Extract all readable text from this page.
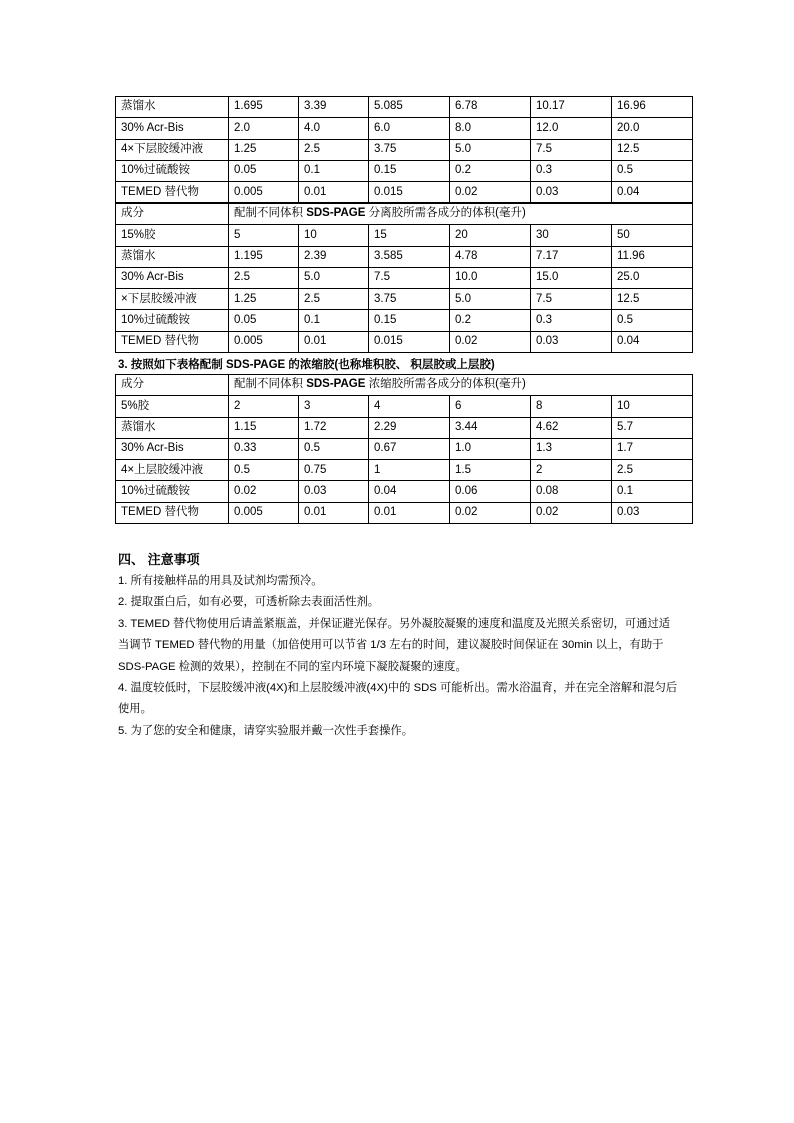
蒸馏水	1.695	3.39	5.085	6.78	10.17	16.96
30% Acr-Bis	2.0	4.0	6.0	8.0	12.0	20.0
4×下层胶缓冲液	1.25	2.5	3.75	5.0	7.5	12.5
10%过硫酸铵	0.05	0.1	0.15	0.2	0.3	0.5
TEMED 替代物	0.005	0.01	0.015	0.02	0.03	0.04
成分	配制不同体积 SDS-PAGE 分离胶所需各成分的体积(毫升)					
15%胶	5	10	15	20	30	50
蒸馏水	1.195	2.39	3.585	4.78	7.17	11.96
30% Acr-Bis	2.5	5.0	7.5	10.0	15.0	25.0
×下层胶缓冲液	1.25	2.5	3.75	5.0	7.5	12.5
10%过硫酸铵	0.05	0.1	0.15	0.2	0.3	0.5
TEMED 替代物	0.005	0.01	0.015	0.02	0.03	0.04
3. 按照如下表格配制 SDS-PAGE 的浓缩胶(也称堆积胶、 积层胶或上层胶)
成分	配制不同体积 SDS-PAGE 浓缩胶所需各成分的体积(毫升)					
5%胶	2	3	4	6	8	10
蒸馏水	1.15	1.72	2.29	3.44	4.62	5.7
30% Acr-Bis	0.33	0.5	0.67	1.0	1.3	1.7
4×上层胶缓冲液	0.5	0.75	1	1.5	2	2.5
10%过硫酸铵	0.02	0.03	0.04	0.06	0.08	0.1
TEMED 替代物	0.005	0.01	0.01	0.02	0.02	0.03
四、 注意事项

1. 所有接触样品的用具及试剂均需预冷。

2. 提取蛋白后，如有必要，可透析除去表面活性剂。

3. TEMED 替代物使用后请盖紧瓶盖，并保证避光保存。另外凝胶凝聚的速度和温度及光照关系密切，可通过适当调节 TEMED 替代物的用量（加倍使用可以节省 1/3 左右的时间，建议凝胶时间保证在 30min 以上，有助于 SDS-PAGE 检测的效果），控制在不同的室内环境下凝胶凝聚的速度。

4. 温度较低时，下层胶缓冲液(4X)和上层胶缓冲液(4X)中的 SDS 可能析出。需水浴温育，并在完全溶解和混匀后使用。

5. 为了您的安全和健康，请穿实验服并戴一次性手套操作。
